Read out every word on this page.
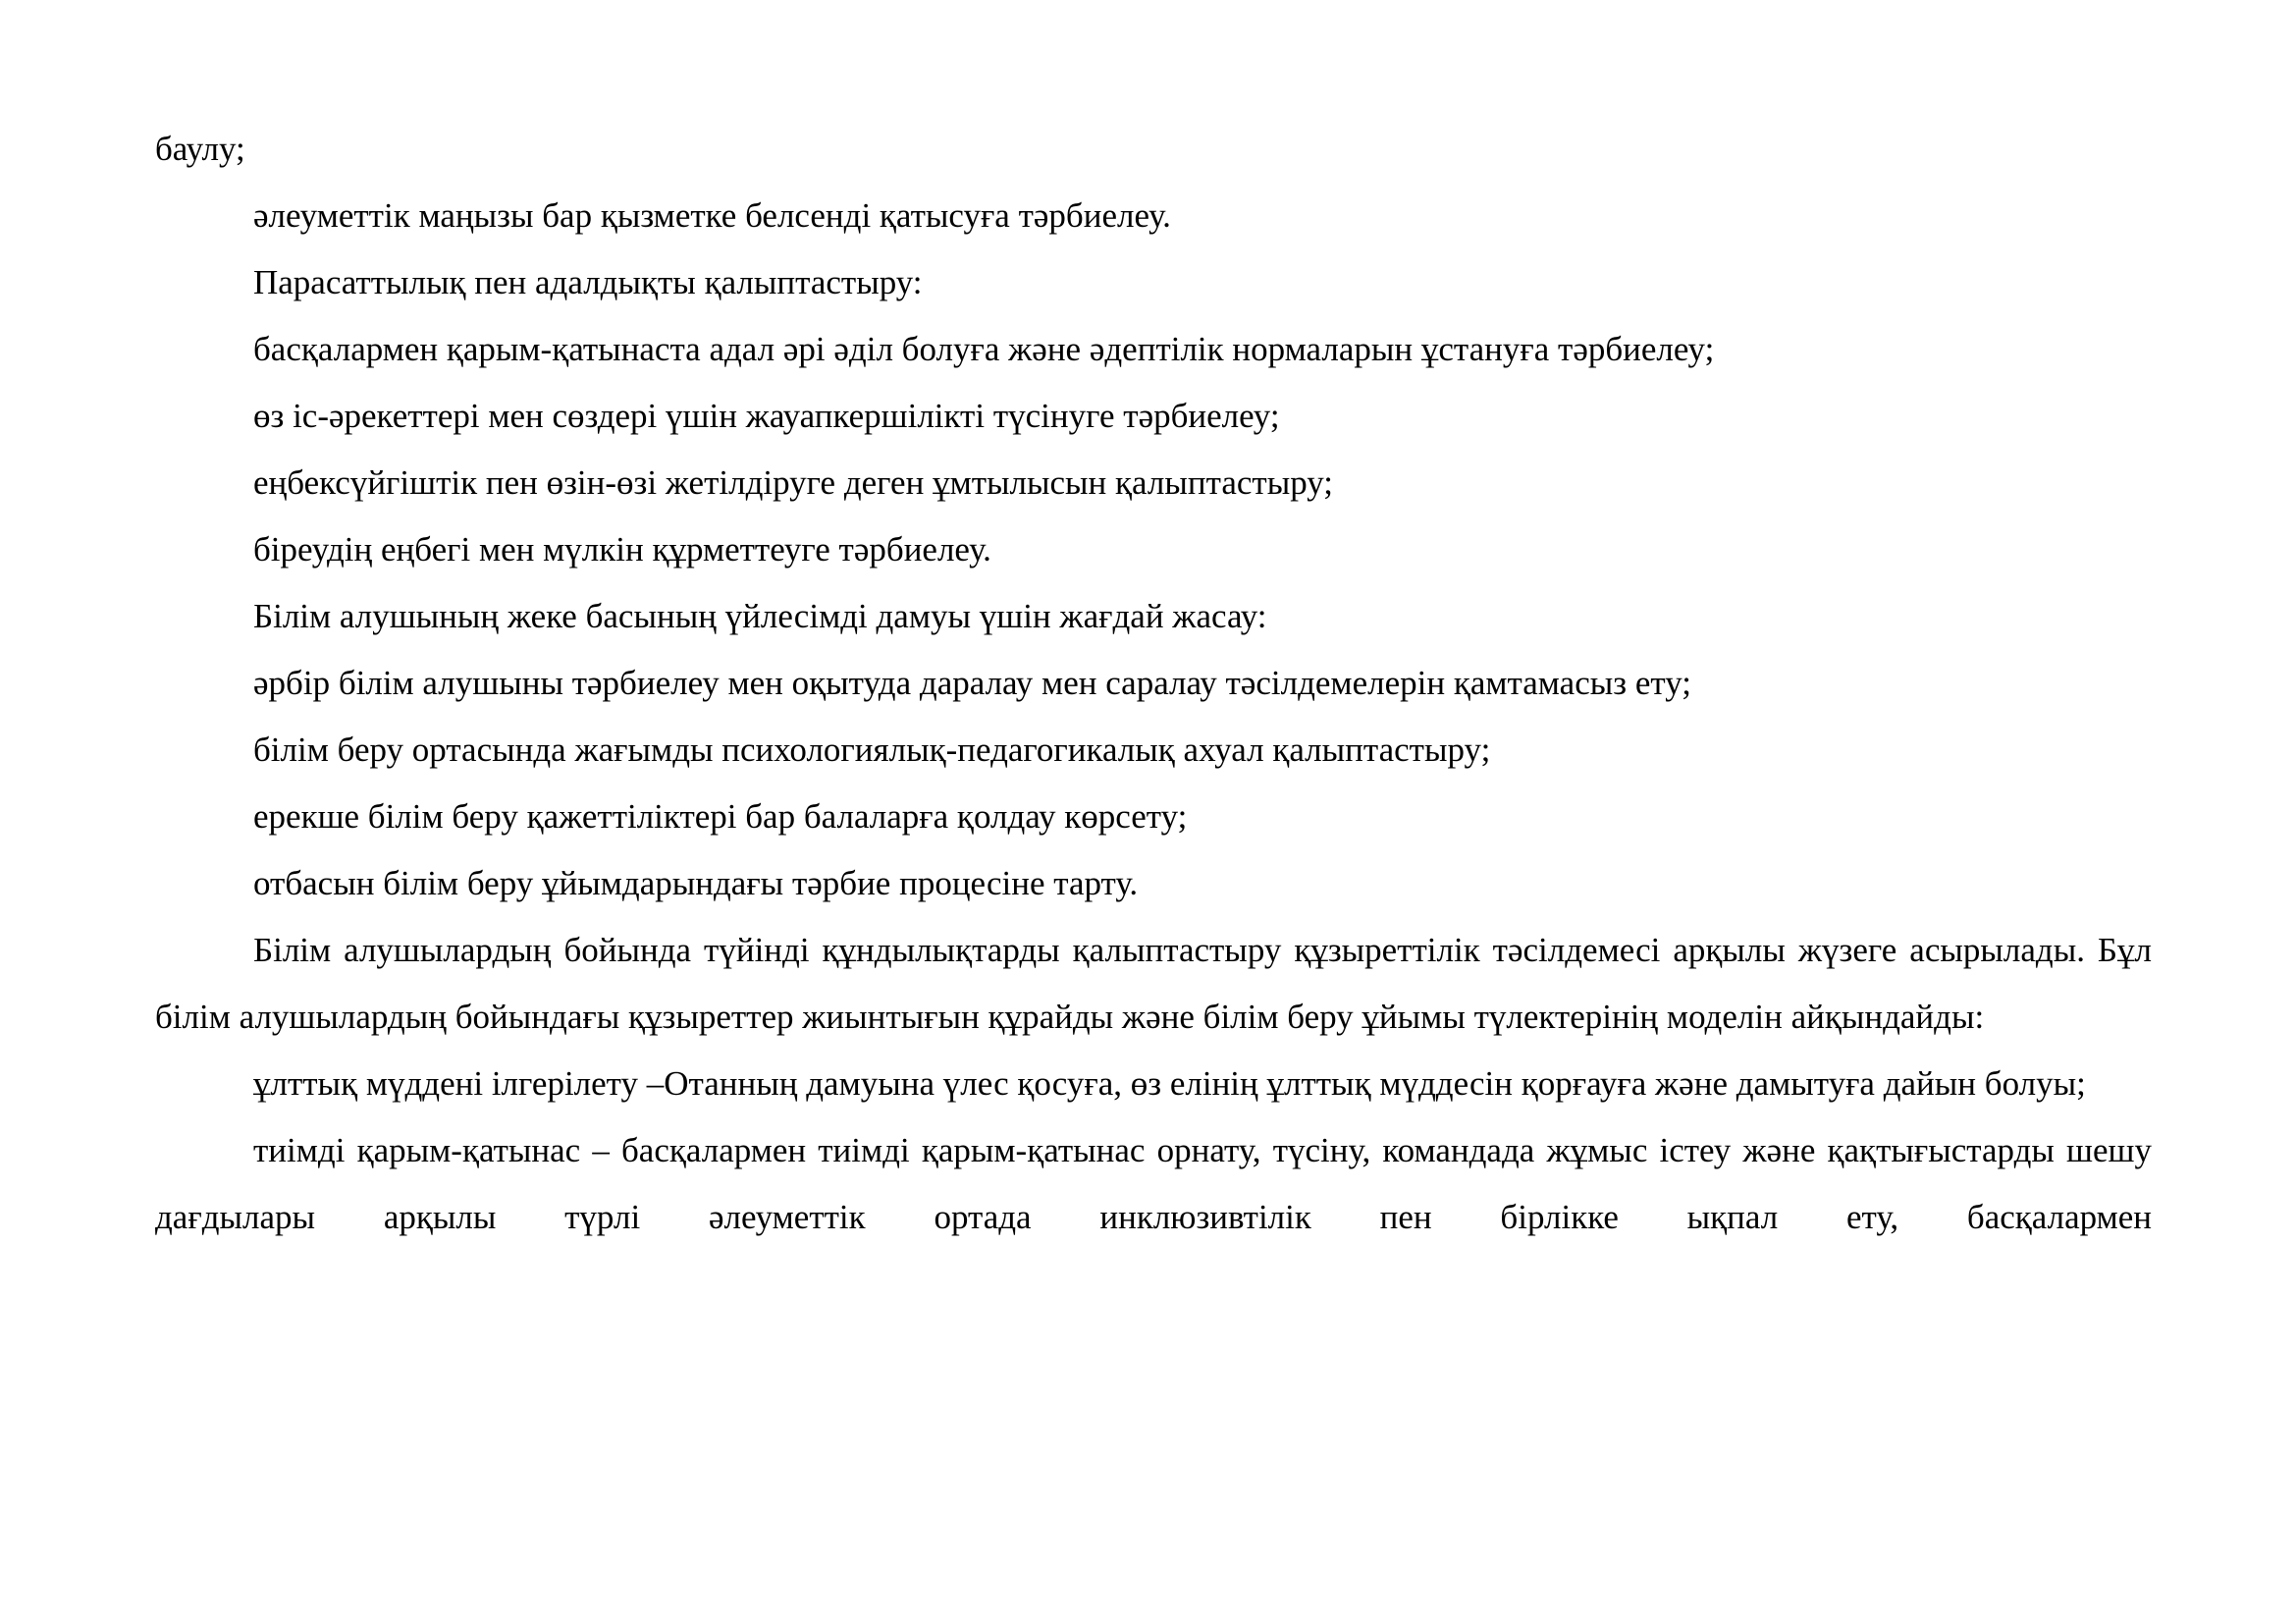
баулу;

әлеуметтік маңызы бар қызметке белсенді қатысуға тәрбиелеу.

Парасаттылық пен адалдықты қалыптастыру:

басқалармен қарым-қатынаста адал әрі әділ болуға және әдептілік нормаларын ұстануға тәрбиелеу;

өз іс-әрекеттері мен сөздері үшін жауапкершілікті түсінуге тәрбиелеу;

еңбексүйгіштік пен өзін-өзі жетілдіруге деген ұмтылысын қалыптастыру;

біреудің еңбегі мен мүлкін құрметтеуге тәрбиелеу.

Білім алушының жеке басының үйлесімді дамуы үшін жағдай жасау:

әрбір білім алушыны тәрбиелеу мен оқытуда даралау мен саралау тәсілдемелерін қамтамасыз ету;

білім беру ортасында жағымды психологиялық-педагогикалық ахуал қалыптастыру;

ерекше білім беру қажеттіліктері бар балаларға қолдау көрсету;

отбасын білім беру ұйымдарындағы тәрбие процесіне тарту.

Білім алушылардың бойында түйінді құндылықтарды қалыптастыру құзыреттілік тәсілдемесі арқылы жүзеге асырылады. Бұл білім алушылардың бойындағы құзыреттер жиынтығын құрайды және білім беру ұйымы түлектерінің моделін айқындайды:

ұлттық мүдденi ілгерілету –Отанның дамуына үлес қосуға, өз елінің ұлттық мүддесін қорғауға және дамытуға дайын болуы;

тиімді қарым-қатынас – басқалармен тиімді қарым-қатынас орнату, түсіну, командада жұмыс істеу және қақтығыстарды шешу дағдылары арқылы түрлі әлеуметтік ортада инклюзивтілік пен бірлікке ықпал ету, басқалармен
